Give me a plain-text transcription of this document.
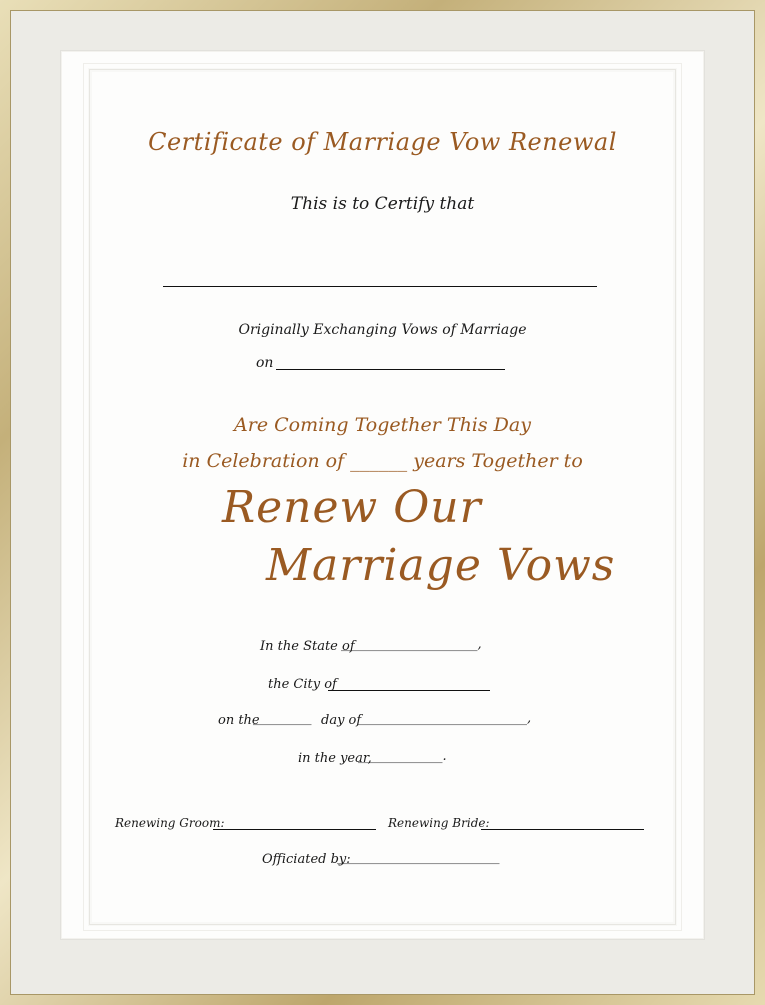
Certificate of Marriage Vow Renewal
This is to Certify that
Originally Exchanging Vows of Marriage
on
Are Coming Together This Day
in Celebration of ______ years Together to
Renew Our
Marriage Vows
In the State of
_____________________,
the City of
on the
_________ day of
__________________________,
in the year,
_____________.
Renewing Groom:	Renewing Bride:
Officiated by:
_________________________
